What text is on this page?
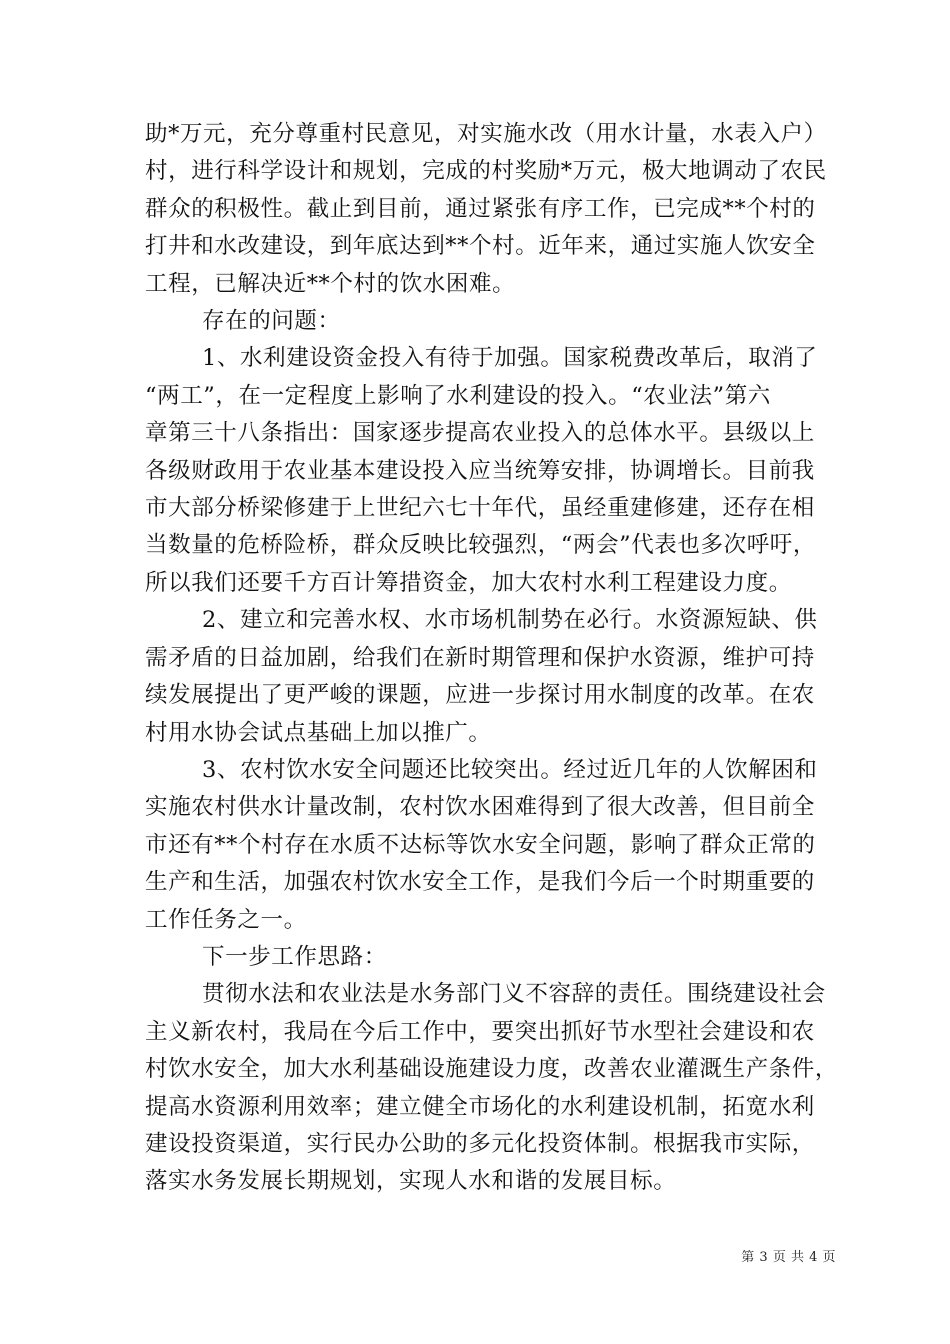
助*万元，充分尊重村民意见，对实施水改（用水计量，水表入户）
村，进行科学设计和规划，完成的村奖励*万元，极大地调动了农民
群众的积极性。截止到目前，通过紧张有序工作，已完成**个村的
打井和水改建设，到年底达到**个村。近年来，通过实施人饮安全
工程，已解决近**个村的饮水困难。

存在的问题：

1、水利建设资金投入有待于加强。国家税费改革后，取消了
“两工”，在一定程度上影响了水利建设的投入。“农业法”第六
章第三十八条指出：国家逐步提高农业投入的总体水平。县级以上
各级财政用于农业基本建设投入应当统筹安排，协调增长。目前我
市大部分桥梁修建于上世纪六七十年代，虽经重建修建，还存在相
当数量的危桥险桥，群众反映比较强烈，“两会”代表也多次呼吁，
所以我们还要千方百计筹措资金，加大农村水利工程建设力度。

2、建立和完善水权、水市场机制势在必行。水资源短缺、供
需矛盾的日益加剧，给我们在新时期管理和保护水资源，维护可持
续发展提出了更严峻的课题，应进一步探讨用水制度的改革。在农
村用水协会试点基础上加以推广。

3、农村饮水安全问题还比较突出。经过近几年的人饮解困和
实施农村供水计量改制，农村饮水困难得到了很大改善，但目前全
市还有**个村存在水质不达标等饮水安全问题，影响了群众正常的
生产和生活，加强农村饮水安全工作，是我们今后一个时期重要的
工作任务之一。

下一步工作思路：

贯彻水法和农业法是水务部门义不容辞的责任。围绕建设社会
主义新农村，我局在今后工作中，要突出抓好节水型社会建设和农
村饮水安全，加大水利基础设施建设力度，改善农业灌溉生产条件，
提高水资源利用效率；建立健全市场化的水利建设机制，拓宽水利
建设投资渠道，实行民办公助的多元化投资体制。根据我市实际，
落实水务发展长期规划，实现人水和谐的发展目标。

第 3 页 共 4 页
